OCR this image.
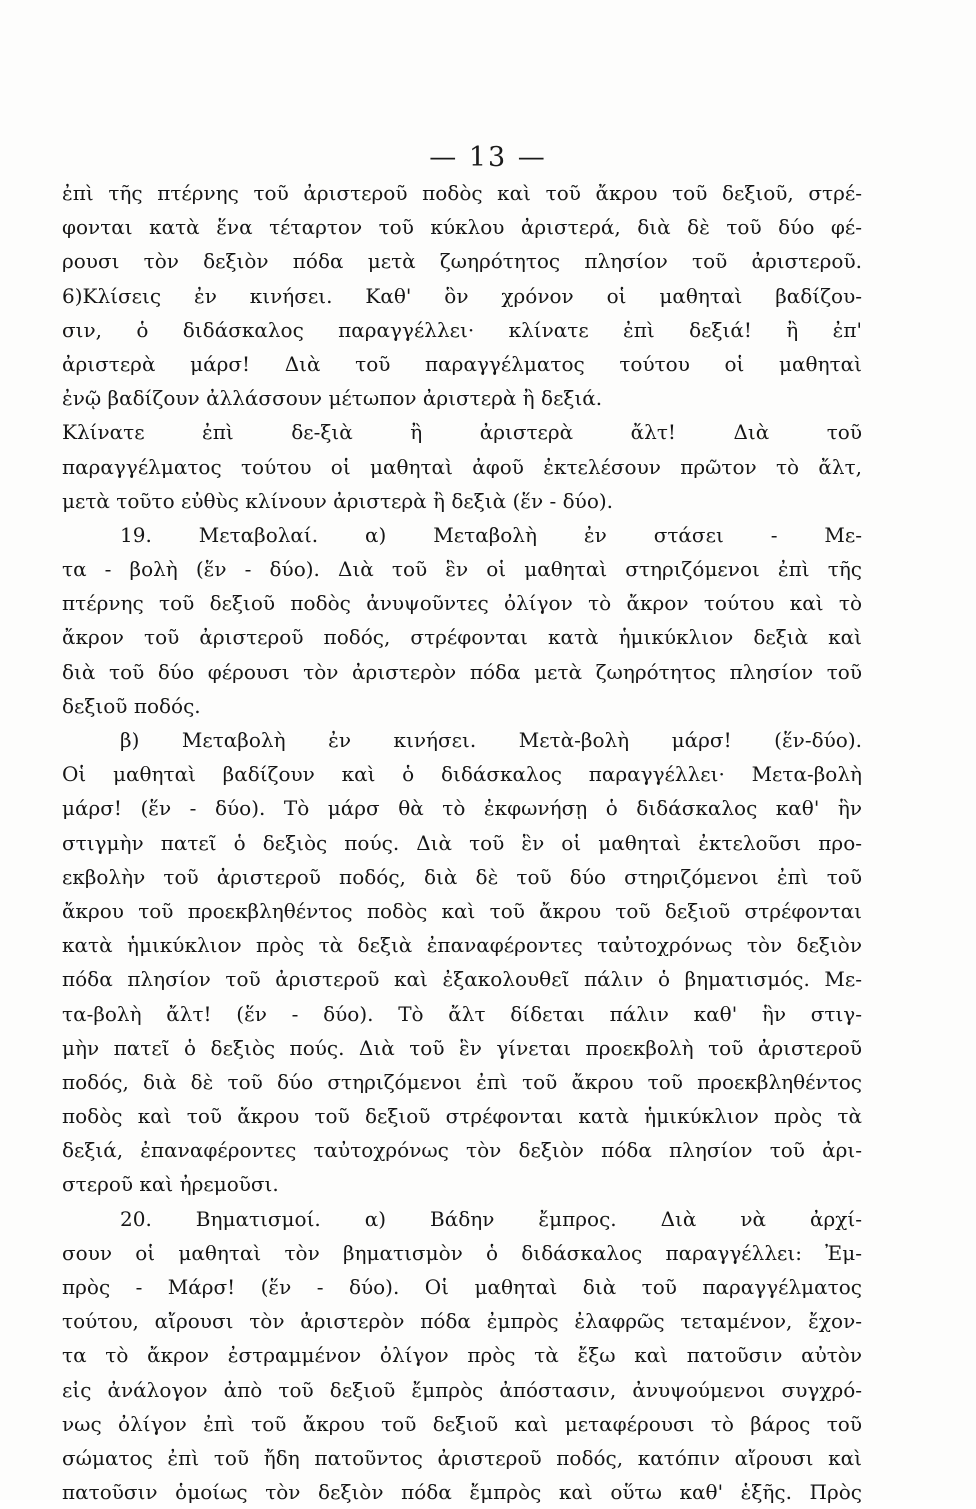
— 13 —
ἐπὶ τῆς πτέρνης τοῦ ἀριστεροῦ ποδὸς καὶ τοῦ ἄκρου τοῦ δεξιοῦ, στρέ-
φονται κατὰ ἕνα τέταρτον τοῦ κύκλου ἀριστερά, διὰ δὲ τοῦ δύο φέ-
ρουσι τὸν δεξιὸν πόδα μετὰ ζωηρότητος πλησίον τοῦ ἀριστεροῦ.
6)Κλίσεις ἐν κινήσει. Καθ' ὃν χρόνον οἱ μαθηταὶ βαδίζου-
σιν, ὁ διδάσκαλος παραγγέλλει· κλίνατε ἐπὶ δεξιά! ἢ ἐπ'
ἀριστερὰ μάρσ! Διὰ τοῦ παραγγέλματος τούτου οἱ μαθηταὶ
ἐνῷ βαδίζουν ἀλλάσσουν μέτωπον ἀριστερὰ ἢ δεξιά.
Κλίνατε ἐπὶ δε-ξιὰ ἢ ἀριστερὰ ἄλτ! Διὰ τοῦ
παραγγέλματος τούτου οἱ μαθηταὶ ἀφοῦ ἐκτελέσουν πρῶτον τὸ ἄλτ,
μετὰ τοῦτο εὐθὺς κλίνουν ἀριστερὰ ἢ δεξιὰ (ἕν - δύο).
19. Μεταβολαί. α) Μεταβολὴ ἐν στάσει - Με-
τα - βολὴ (ἕν - δύο). Διὰ τοῦ ἓν οἱ μαθηταὶ στηριζόμενοι ἐπὶ τῆς
πτέρνης τοῦ δεξιοῦ ποδὸς ἀνυψοῦντες ὀλίγον τὸ ἄκρον τούτου καὶ τὸ
ἄκρον τοῦ ἀριστεροῦ ποδός, στρέφονται κατὰ ἡμικύκλιον δεξιὰ καὶ
διὰ τοῦ δύο φέρουσι τὸν ἀριστερὸν πόδα μετὰ ζωηρότητος πλησίον τοῦ
δεξιοῦ ποδός.
β) Μεταβολὴ ἐν κινήσει. Μετὰ-βολὴ μάρσ! (ἕν-δύο).
Οἱ μαθηταὶ βαδίζουν καὶ ὁ διδάσκαλος παραγγέλλει· Μετα-βολὴ
μάρσ! (ἕν - δύο). Τὸ μάρσ θὰ τὸ ἐκφωνήσῃ ὁ διδάσκαλος καθ' ἣν
στιγμὴν πατεῖ ὁ δεξιὸς πούς. Διὰ τοῦ ἓν οἱ μαθηταὶ ἐκτελοῦσι προ-
εκβολὴν τοῦ ἀριστεροῦ ποδός, διὰ δὲ τοῦ δύο στηριζόμενοι ἐπὶ τοῦ
ἄκρου τοῦ προεκβληθέντος ποδὸς καὶ τοῦ ἄκρου τοῦ δεξιοῦ στρέφονται
κατὰ ἡμικύκλιον πρὸς τὰ δεξιὰ ἐπαναφέροντες ταὐτοχρόνως τὸν δεξιὸν
πόδα πλησίον τοῦ ἀριστεροῦ καὶ ἐξακολουθεῖ πάλιν ὁ βηματισμός. Με-
τα-βολὴ ἄλτ! (ἕν - δύο). Τὸ ἄλτ δίδεται πάλιν καθ' ἣν στιγ-
μὴν πατεῖ ὁ δεξιὸς πούς. Διὰ τοῦ ἓν γίνεται προεκβολὴ τοῦ ἀριστεροῦ
ποδός, διὰ δὲ τοῦ δύο στηριζόμενοι ἐπὶ τοῦ ἄκρου τοῦ προεκβληθέντος
ποδὸς καὶ τοῦ ἄκρου τοῦ δεξιοῦ στρέφονται κατὰ ἡμικύκλιον πρὸς τὰ
δεξιά, ἐπαναφέροντες ταὐτοχρόνως τὸν δεξιὸν πόδα πλησίον τοῦ ἀρι-
στεροῦ καὶ ἠρεμοῦσι.
20. Βηματισμοί. α) Βάδην ἔμπρος. Διὰ νὰ ἀρχί-
σουν οἱ μαθηταὶ τὸν βηματισμὸν ὁ διδάσκαλος παραγγέλλει: Ἐμ-
πρὸς - Μάρσ! (ἕν - δύο). Οἱ μαθηταὶ διὰ τοῦ παραγγέλματος
τούτου, αἴρουσι τὸν ἀριστερὸν πόδα ἐμπρὸς ἐλαφρῶς τεταμένον, ἔχον-
τα τὸ ἄκρον ἐστραμμένον ὀλίγον πρὸς τὰ ἔξω καὶ πατοῦσιν αὐτὸν
εἰς ἀνάλογον ἀπὸ τοῦ δεξιοῦ ἔμπρὸς ἀπόστασιν, ἀνυψούμενοι συγχρό-
νως ὀλίγον ἐπὶ τοῦ ἄκρου τοῦ δεξιοῦ καὶ μεταφέρουσι τὸ βάρος τοῦ
σώματος ἐπὶ τοῦ ἤδη πατοῦντος ἀριστεροῦ ποδός, κατόπιν αἴρουσι καὶ
πατοῦσιν ὁμοίως τὸν δεξιὸν πόδα ἔμπρὸς καὶ οὕτω καθ' ἑξῆς. Πρὸς
